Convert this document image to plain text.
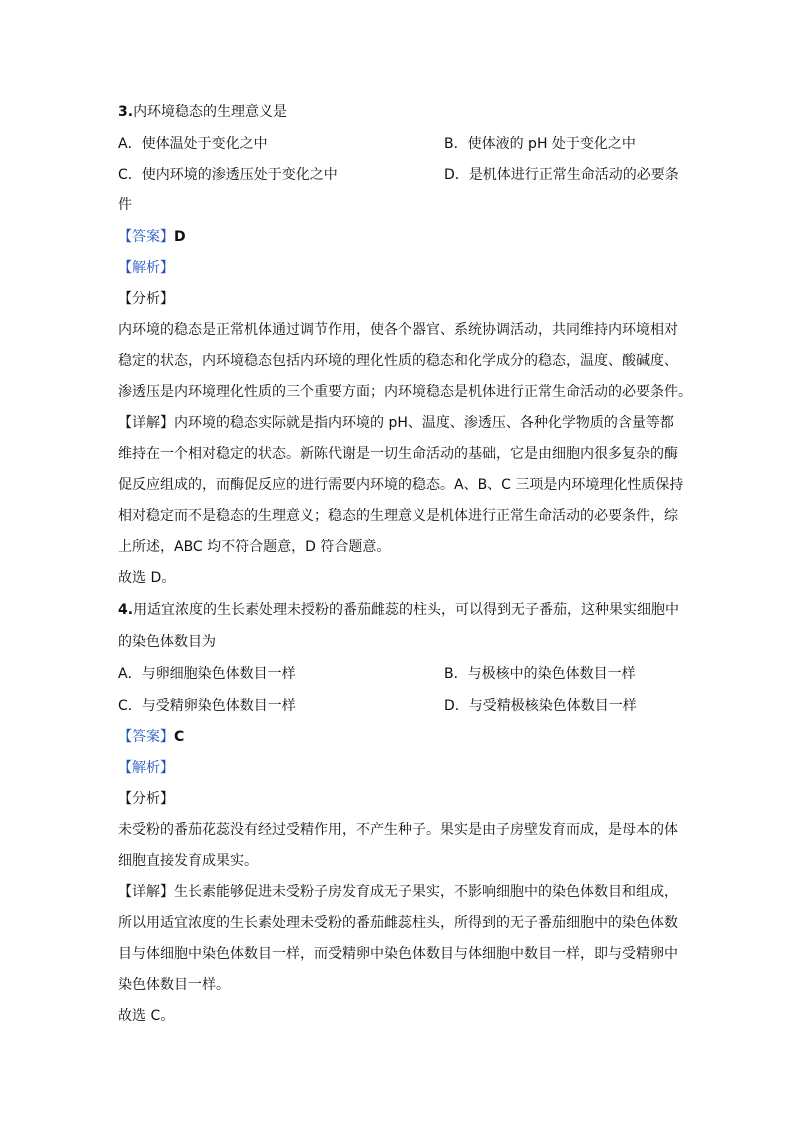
3.内环境稳态的生理意义是
A．使体温处于变化之中	B．使体液的 pH 处于变化之中
C．使内环境的渗透压处于变化之中	D．是机体进行正常生命活动的必要条
件
【答案】D
【解析】
【分析】
内环境的稳态是正常机体通过调节作用，使各个器官、系统协调活动，共同维持内环境相对
稳定的状态，内环境稳态包括内环境的理化性质的稳态和化学成分的稳态，温度、酸碱度、
渗透压是内环境理化性质的三个重要方面；内环境稳态是机体进行正常生命活动的必要条件。
【详解】内环境的稳态实际就是指内环境的 pH、温度、渗透压、各种化学物质的含量等都
维持在一个相对稳定的状态。新陈代谢是一切生命活动的基础，它是由细胞内很多复杂的酶
促反应组成的，而酶促反应的进行需要内环境的稳态。A、B、C 三项是内环境理化性质保持
相对稳定而不是稳态的生理意义；稳态的生理意义是机体进行正常生命活动的必要条件，综
上所述，ABC 均不符合题意，D 符合题意。
故选 D。
4.用适宜浓度的生长素处理未授粉的番茄雌蕊的柱头，可以得到无子番茄，这种果实细胞中
的染色体数目为
A．与卵细胞染色体数目一样	B．与极核中的染色体数目一样
C．与受精卵染色体数目一样	D．与受精极核染色体数目一样
【答案】C
【解析】
【分析】
未受粉的番茄花蕊没有经过受精作用，不产生种子。果实是由子房壁发育而成，是母本的体
细胞直接发育成果实。
【详解】生长素能够促进未受粉子房发育成无子果实，不影响细胞中的染色体数目和组成，
所以用适宜浓度的生长素处理未受粉的番茄雌蕊柱头，所得到的无子番茄细胞中的染色体数
目与体细胞中染色体数目一样，而受精卵中染色体数目与体细胞中数目一样，即与受精卵中
染色体数目一样。
故选 C。
